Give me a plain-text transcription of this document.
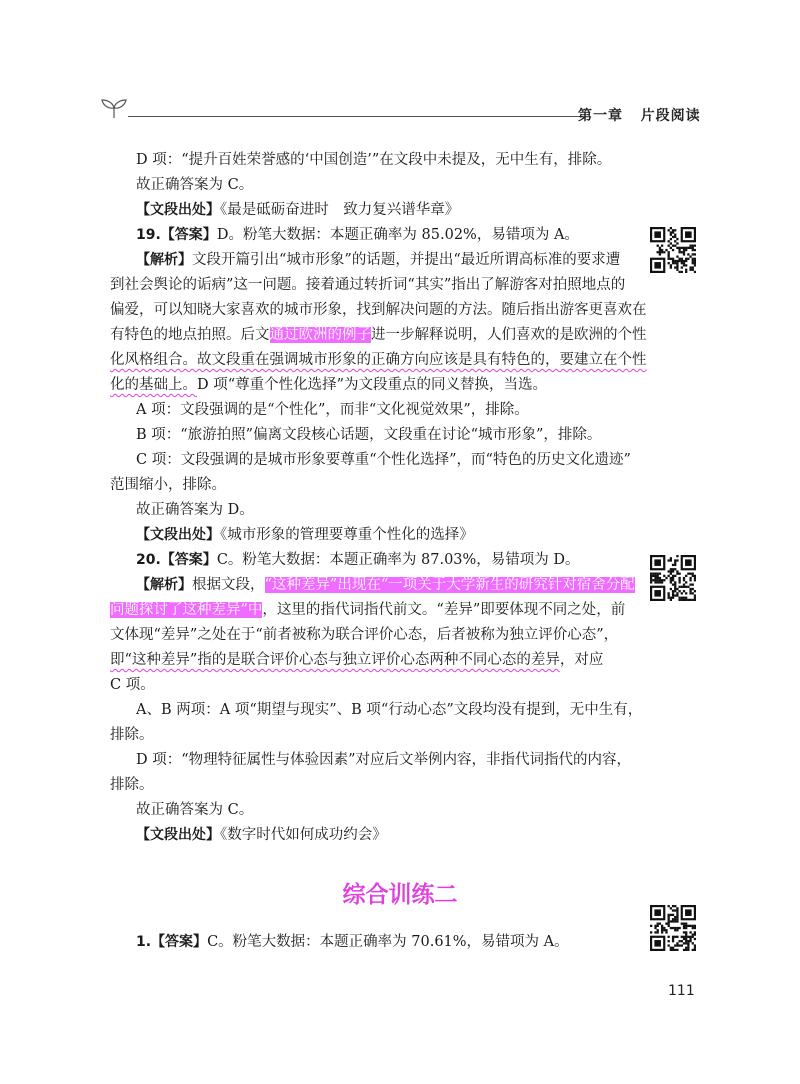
第一章 片段阅读
D 项：“提升百姓荣誉感的‘中国创造’”在文段中未提及，无中生有，排除。
故正确答案为 C。
【文段出处】《最是砥砺奋进时　致力复兴谱华章》
19.【答案】D。粉笔大数据：本题正确率为 85.02%，易错项为 A。
【解析】文段开篇引出“城市形象”的话题，并提出“最近所谓高标准的要求遭
到社会舆论的诟病”这一问题。接着通过转折词“其实”指出了解游客对拍照地点的
偏爱，可以知晓大家喜欢的城市形象，找到解决问题的方法。随后指出游客更喜欢在
有特色的地点拍照。后文通过欧洲的例子进一步解释说明，人们喜欢的是欧洲的个性
化风格组合。故文段重在强调城市形象的正确方向应该是具有特色的，要建立在个性
化的基础上。D 项“尊重个性化选择”为文段重点的同义替换，当选。
A 项：文段强调的是“个性化”，而非“文化视觉效果”，排除。
B 项：“旅游拍照”偏离文段核心话题，文段重在讨论“城市形象”，排除。
C 项：文段强调的是城市形象要尊重“个性化选择”，而“特色的历史文化遗迹”
范围缩小，排除。
故正确答案为 D。
【文段出处】《城市形象的管理要尊重个性化的选择》
20.【答案】C。粉笔大数据：本题正确率为 87.03%，易错项为 D。
【解析】根据文段，“这种差异”出现在“一项关于大学新生的研究针对宿舍分配
问题探讨了这种差异”中，这里的指代词指代前文。“差异”即要体现不同之处，前
文体现“差异”之处在于“前者被称为联合评价心态，后者被称为独立评价心态”，
即“这种差异”指的是联合评价心态与独立评价心态两种不同心态的差异，对应
C 项。
A、B 两项：A 项“期望与现实”、B 项“行动心态”文段均没有提到，无中生有，
排除。
D 项：“物理特征属性与体验因素”对应后文举例内容，非指代词指代的内容，
排除。
故正确答案为 C。
【文段出处】《数字时代如何成功约会》
综合训练二
1.【答案】C。粉笔大数据：本题正确率为 70.61%，易错项为 A。
111
